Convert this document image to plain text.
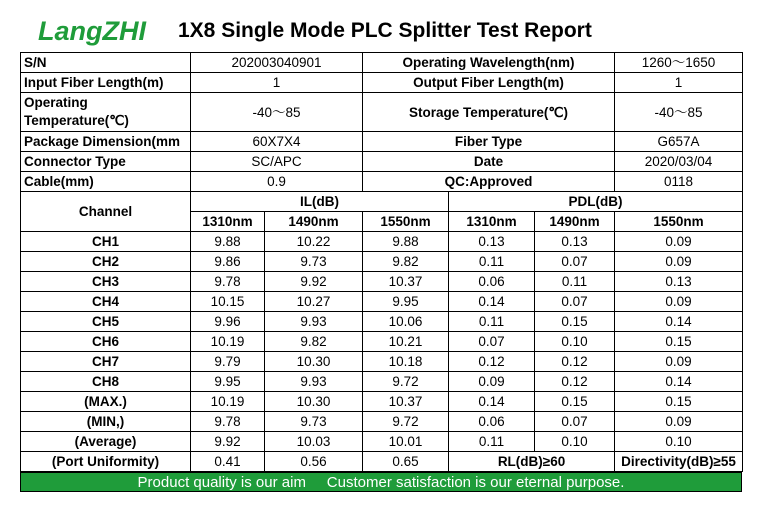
LangZHI 1X8 Single Mode PLC Splitter Test Report
S/N	202003040901		Operating Wavelength(nm)			1260～1650
Input Fiber Length(m)	1		Output Fiber Length(m)			1
Operating Temperature(℃)	-40～85		Storage Temperature(℃)			-40～85
Package Dimension(mm	60X7X4		Fiber Type			G657A
Connector Type	SC/APC		Date			2020/03/04
Cable(mm)	0.9		QC:Approved			0118
Channel	IL(dB)			PDL(dB)		
	1310nm	1490nm	1550nm	1310nm	1490nm	1550nm
CH1	9.88	10.22	9.88	0.13	0.13	0.09
CH2	9.86	9.73	9.82	0.11	0.07	0.09
CH3	9.78	9.92	10.37	0.06	0.11	0.13
CH4	10.15	10.27	9.95	0.14	0.07	0.09
CH5	9.96	9.93	10.06	0.11	0.15	0.14
CH6	10.19	9.82	10.21	0.07	0.10	0.15
CH7	9.79	10.30	10.18	0.12	0.12	0.09
CH8	9.95	9.93	9.72	0.09	0.12	0.14
(MAX.)	10.19	10.30	10.37	0.14	0.15	0.15
(MIN,)	9.78	9.73	9.72	0.06	0.07	0.09
(Average)	9.92	10.03	10.01	0.11	0.10	0.10
(Port Uniformity)	0.41	0.56	0.65	RL(dB)≥60		Directivity(dB)≥55
Product quality is our aim
Customer satisfaction is our eternal purpose.
